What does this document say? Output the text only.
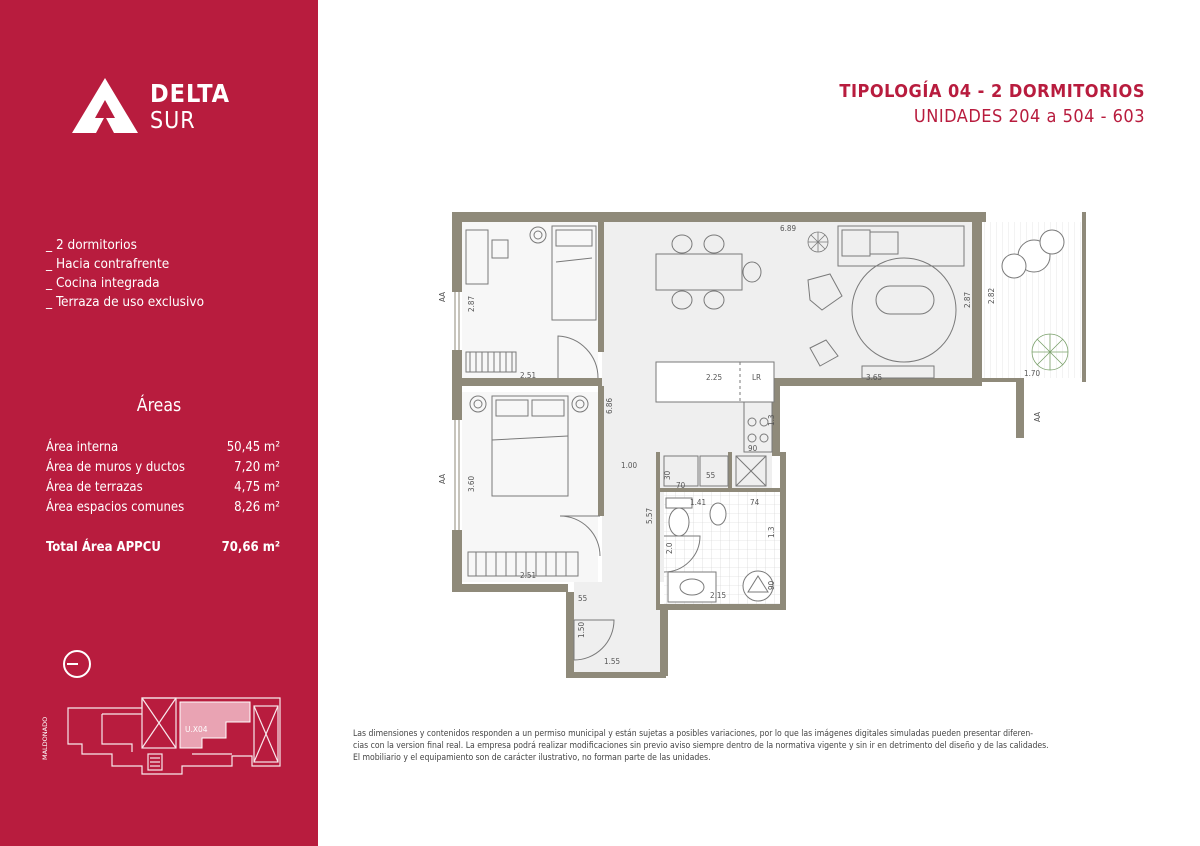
DELTA
SUR
_ 2 dormitorios
_ Hacia contrafrente
_ Cocina integrada
_ Terraza de uso exclusivo
Áreas
Área interna	50,45 m²
Área de muros y ductos	7,20 m²
Área de terrazas	4,75 m²
Área espacios comunes	8,26 m²
Total Área APPCU	70,66 m²
MALDONADO	U.X04
TIPOLOGÍA 04 - 2 DORMITORIOS
UNIDADES 204 a 504 - 603
6.89
2.87
2.51
2.87 2.82
1.70
2.25	LR	3.65
6.86
1.00
5.57
1.3
90
30
70
55
1.41	74
1.3
2.0
2.15
90
3.60
2.51
55
1.50
1.55
AA
AA
AA
Las dimensiones y contenidos responden a un permiso municipal y están sujetas a posibles variaciones, por lo que las imágenes digitales simuladas pueden presentar diferen-
cias con la version final real. La empresa podrá realizar modificaciones sin previo aviso siempre dentro de la normativa vigente y sin ir en detrimento del diseño y de las calidades.
El mobiliario y el equipamiento son de carácter ilustrativo, no forman parte de las unidades.
